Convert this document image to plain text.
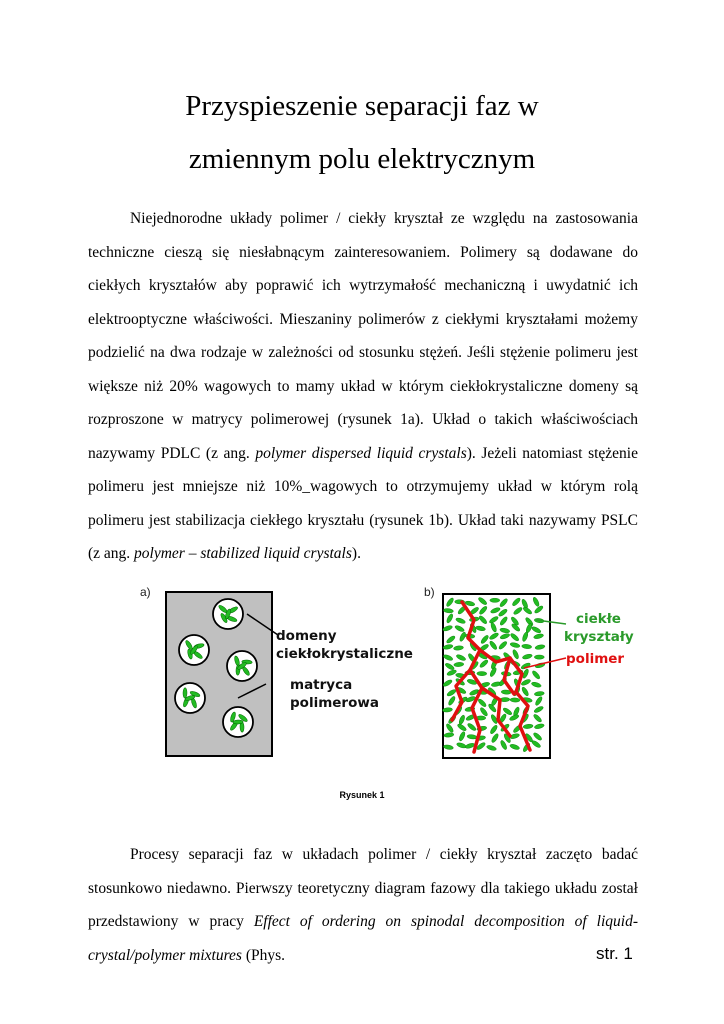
Przyspieszenie separacji faz w
zmiennym polu elektrycznym

Niejednorodne układy polimer / ciekły kryształ ze względu na zastosowania techniczne cieszą się niesłabnącym zainteresowaniem. Polimery są dodawane do ciekłych kryształów aby poprawić ich wytrzymałość mechaniczną i uwydatnić ich elektrooptyczne właściwości. Mieszaniny polimerów z ciekłymi kryształami możemy podzielić na dwa rodzaje w zależności od stosunku stężeń. Jeśli stężenie polimeru jest większe niż 20% wagowych to mamy układ w którym ciekłokrystaliczne domeny są rozproszone w matrycy polimerowej (rysunek 1a). Układ o takich właściwościach nazywamy PDLC (z ang. polymer dispersed liquid crystals). Jeżeli natomiast stężenie polimeru jest mniejsze niż 10%_wagowych to otrzymujemy układ w którym rolą polimeru jest stabilizacja ciekłego kryształu (rysunek 1b). Układ taki nazywamy PSLC (z ang. polymer – stabilized liquid crystals).

a)
domeny
ciekłokrystaliczne
matryca
polimerowa
b)
ciekłe
kryształy
polimer
Rysunek 1

Procesy separacji faz w układach polimer / ciekły kryształ zaczęto badać stosunkowo niedawno. Pierwszy teoretyczny diagram fazowy dla takiego układu został przedstawiony w pracy Effect of ordering on spinodal decomposition of liquid-crystal/polymer mixtures (Phys.	str. 1
